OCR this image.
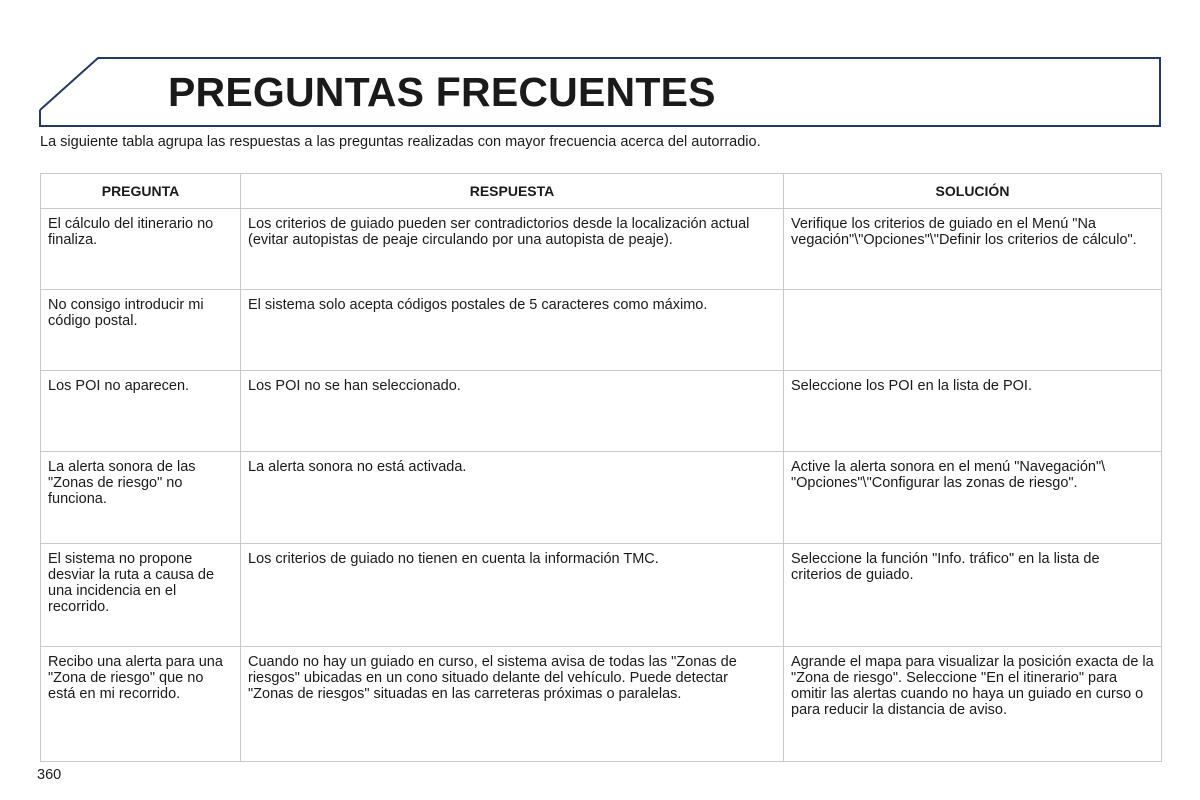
PREGUNTAS FRECUENTES
La siguiente tabla agrupa las respuestas a las preguntas realizadas con mayor frecuencia acerca del autorradio.
PREGUNTA	RESPUESTA	SOLUCIÓN
El cálculo del itinerario no finaliza.	Los criterios de guiado pueden ser contradictorios desde la localización actual (evitar autopistas de peaje circulando por una autopista de peaje).	Verifique los criterios de guiado en el Menú "Na vegación"\"Opciones"\"Definir los criterios de cálculo".
No consigo introducir mi código postal.	El sistema solo acepta códigos postales de 5 caracteres como máximo.	
Los POI no aparecen.	Los POI no se han seleccionado.	Seleccione los POI en la lista de POI.
La alerta sonora de las "Zonas de riesgo" no funciona.	La alerta sonora no está activada.	Active la alerta sonora en el menú "Navegación"\ "Opciones"\"Configurar las zonas de riesgo".
El sistema no propone desviar la ruta a causa de una incidencia en el recorrido.	Los criterios de guiado no tienen en cuenta la información TMC.	Seleccione la función "Info. tráfico" en la lista de criterios de guiado.
Recibo una alerta para una "Zona de riesgo" que no está en mi recorrido.	Cuando no hay un guiado en curso, el sistema avisa de todas las "Zonas de riesgos" ubicadas en un cono situado delante del vehículo. Puede detectar "Zonas de riesgos" situadas en las carreteras próximas o paralelas.	Agrande el mapa para visualizar la posición exacta de la "Zona de riesgo". Seleccione "En el itinerario" para omitir las alertas cuando no haya un guiado en curso o para reducir la distancia de aviso.
360
